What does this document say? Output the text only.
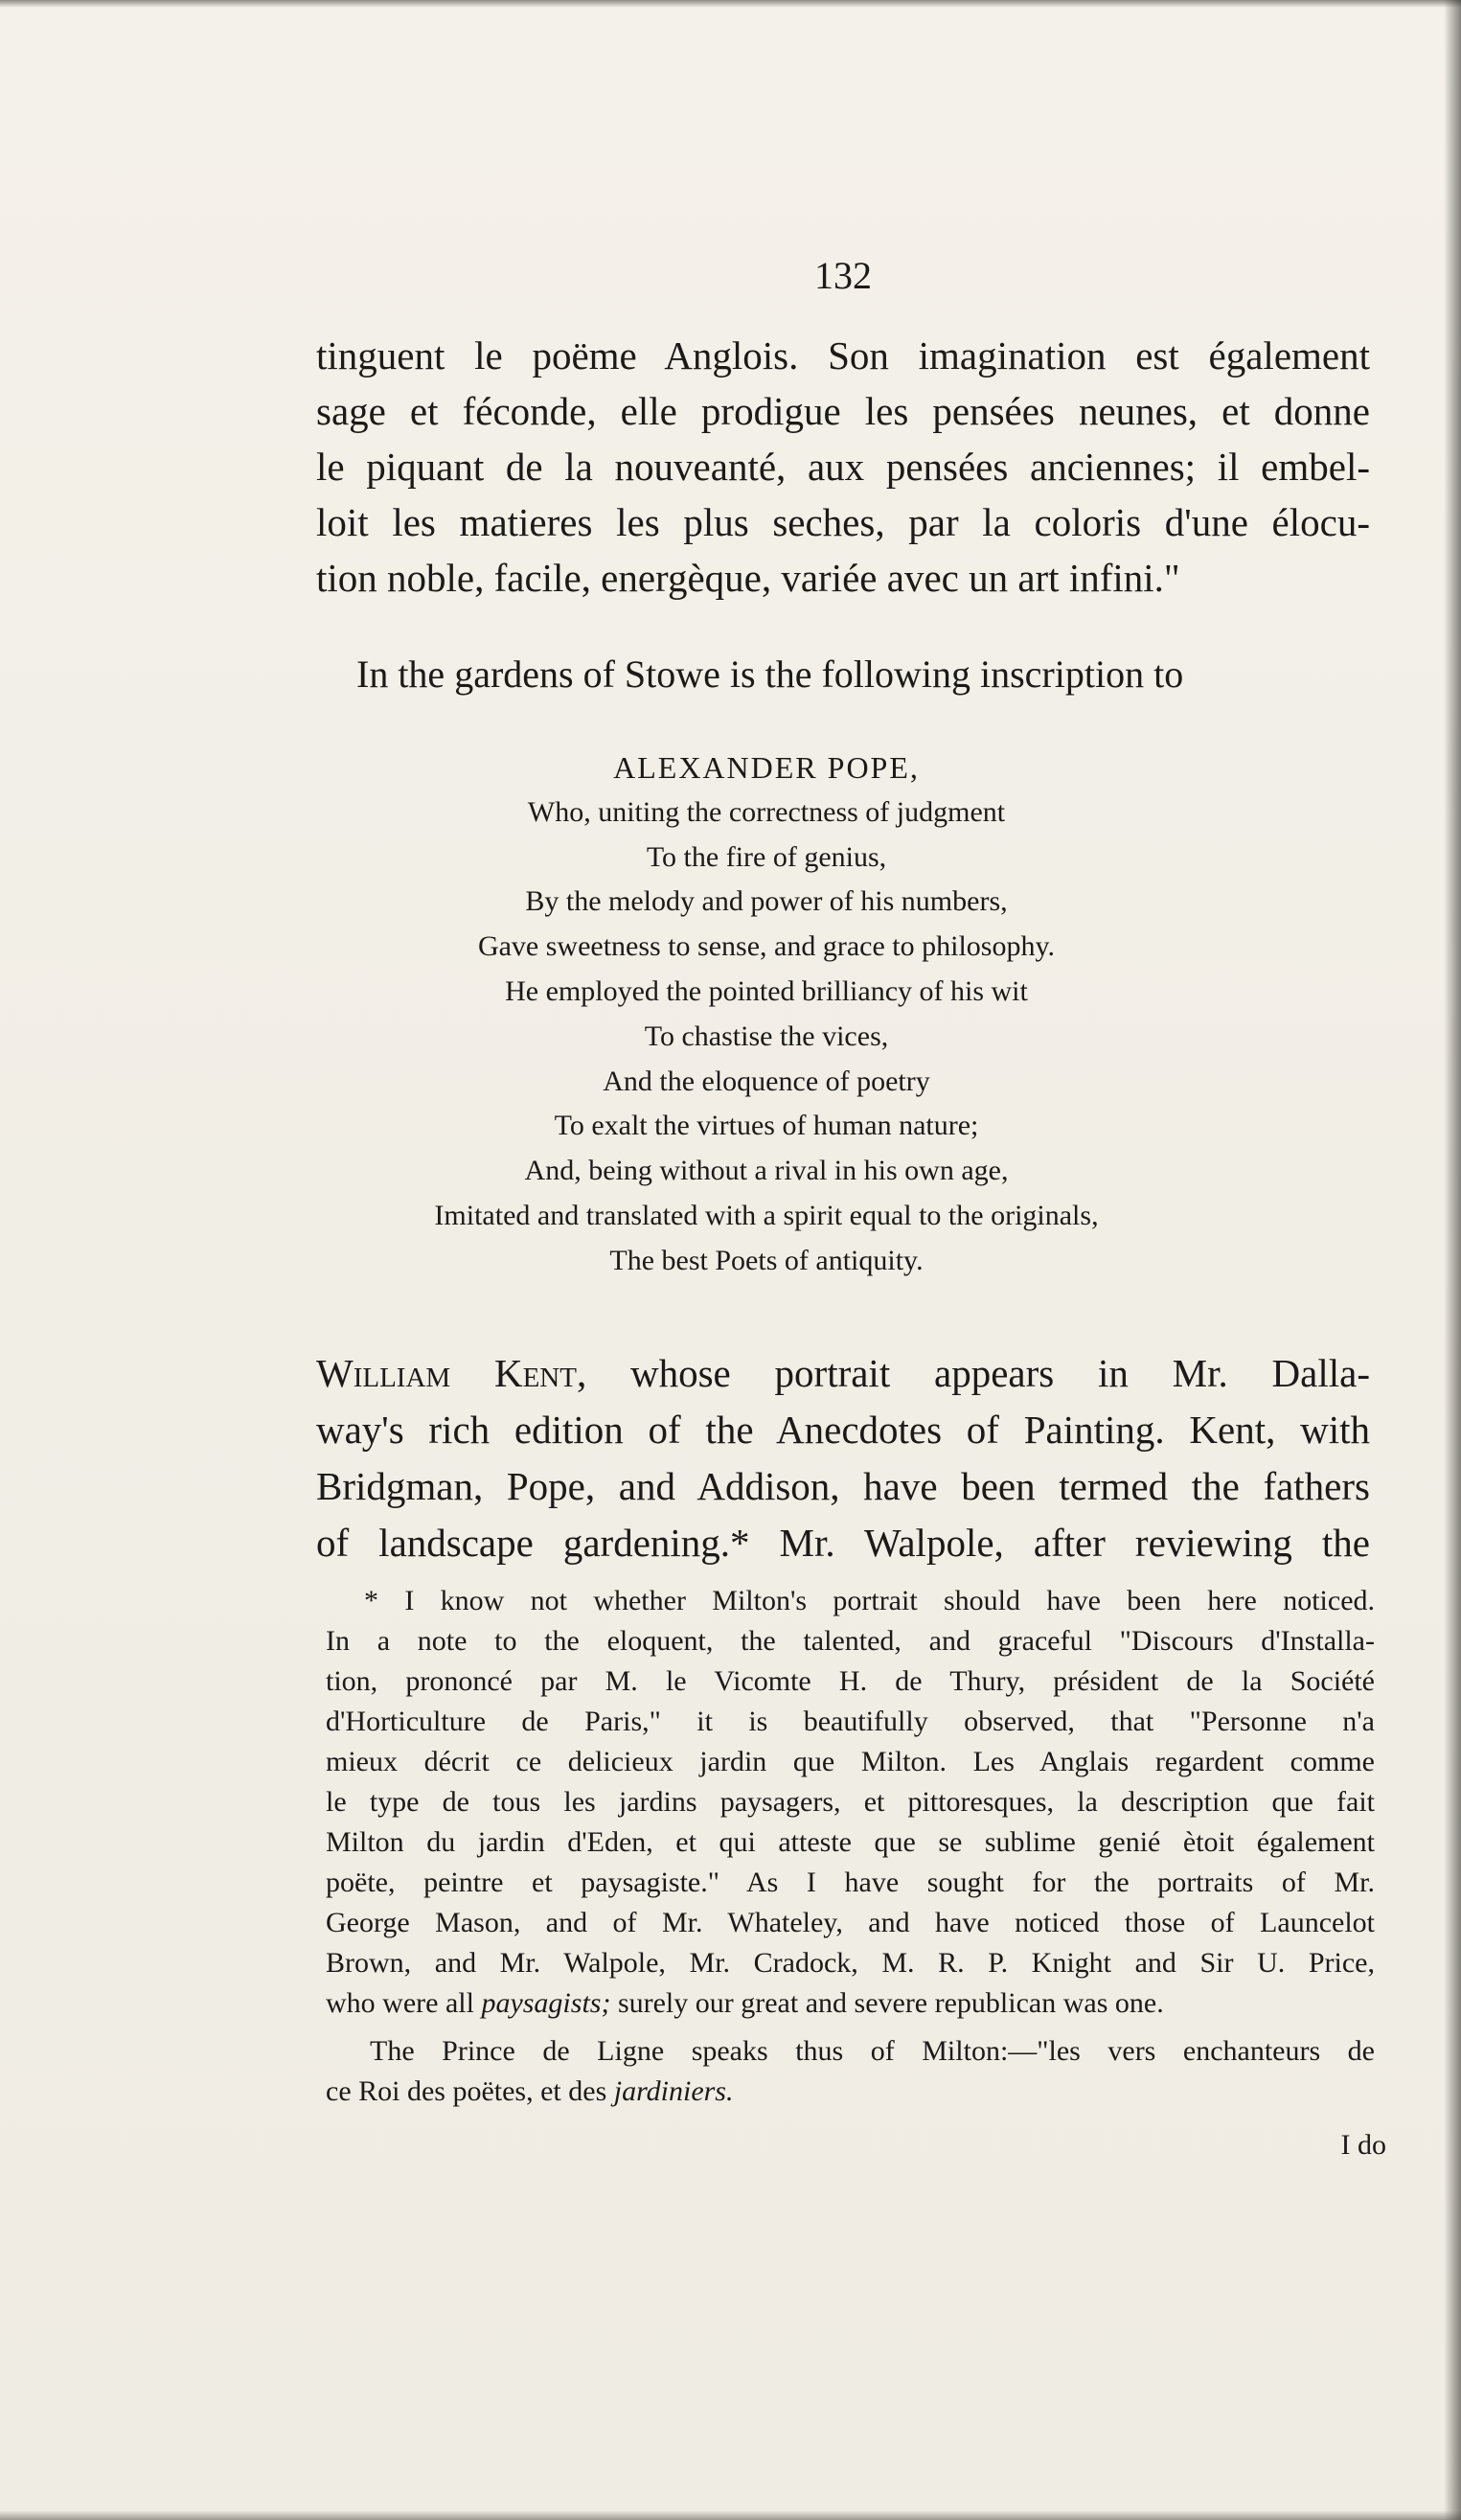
132
tinguent le poëme Anglois. Son imagination est également
sage et féconde, elle prodigue les pensées neunes, et donne
le piquant de la nouveanté, aux pensées anciennes; il embel-
loit les matieres les plus seches, par la coloris d'une élocu-
tion noble, facile, energèque, variée avec un art infini."
In the gardens of Stowe is the following inscription to
ALEXANDER POPE,
Who, uniting the correctness of judgment
To the fire of genius,
By the melody and power of his numbers,
Gave sweetness to sense, and grace to philosophy.
He employed the pointed brilliancy of his wit
To chastise the vices,
And the eloquence of poetry
To exalt the virtues of human nature;
And, being without a rival in his own age,
Imitated and translated with a spirit equal to the originals,
The best Poets of antiquity.
William Kent, whose portrait appears in Mr. Dalla-
way's rich edition of the Anecdotes of Painting. Kent, with
Bridgman, Pope, and Addison, have been termed the fathers
of landscape gardening.* Mr. Walpole, after reviewing the
* I know not whether Milton's portrait should have been here noticed.
In a note to the eloquent, the talented, and graceful "Discours d'Installa-
tion, prononcé par M. le Vicomte H. de Thury, président de la Société
d'Horticulture de Paris," it is beautifully observed, that "Personne n'a
mieux décrit ce delicieux jardin que Milton. Les Anglais regardent comme
le type de tous les jardins paysagers, et pittoresques, la description que fait
Milton du jardin d'Eden, et qui atteste que se sublime genié ètoit également
poëte, peintre et paysagiste." As I have sought for the portraits of Mr.
George Mason, and of Mr. Whateley, and have noticed those of Launcelot
Brown, and Mr. Walpole, Mr. Cradock, M. R. P. Knight and Sir U. Price,
who were all paysagists; surely our great and severe republican was one.
The Prince de Ligne speaks thus of Milton:—"les vers enchanteurs de
ce Roi des poëtes, et des jardiniers.
I do
